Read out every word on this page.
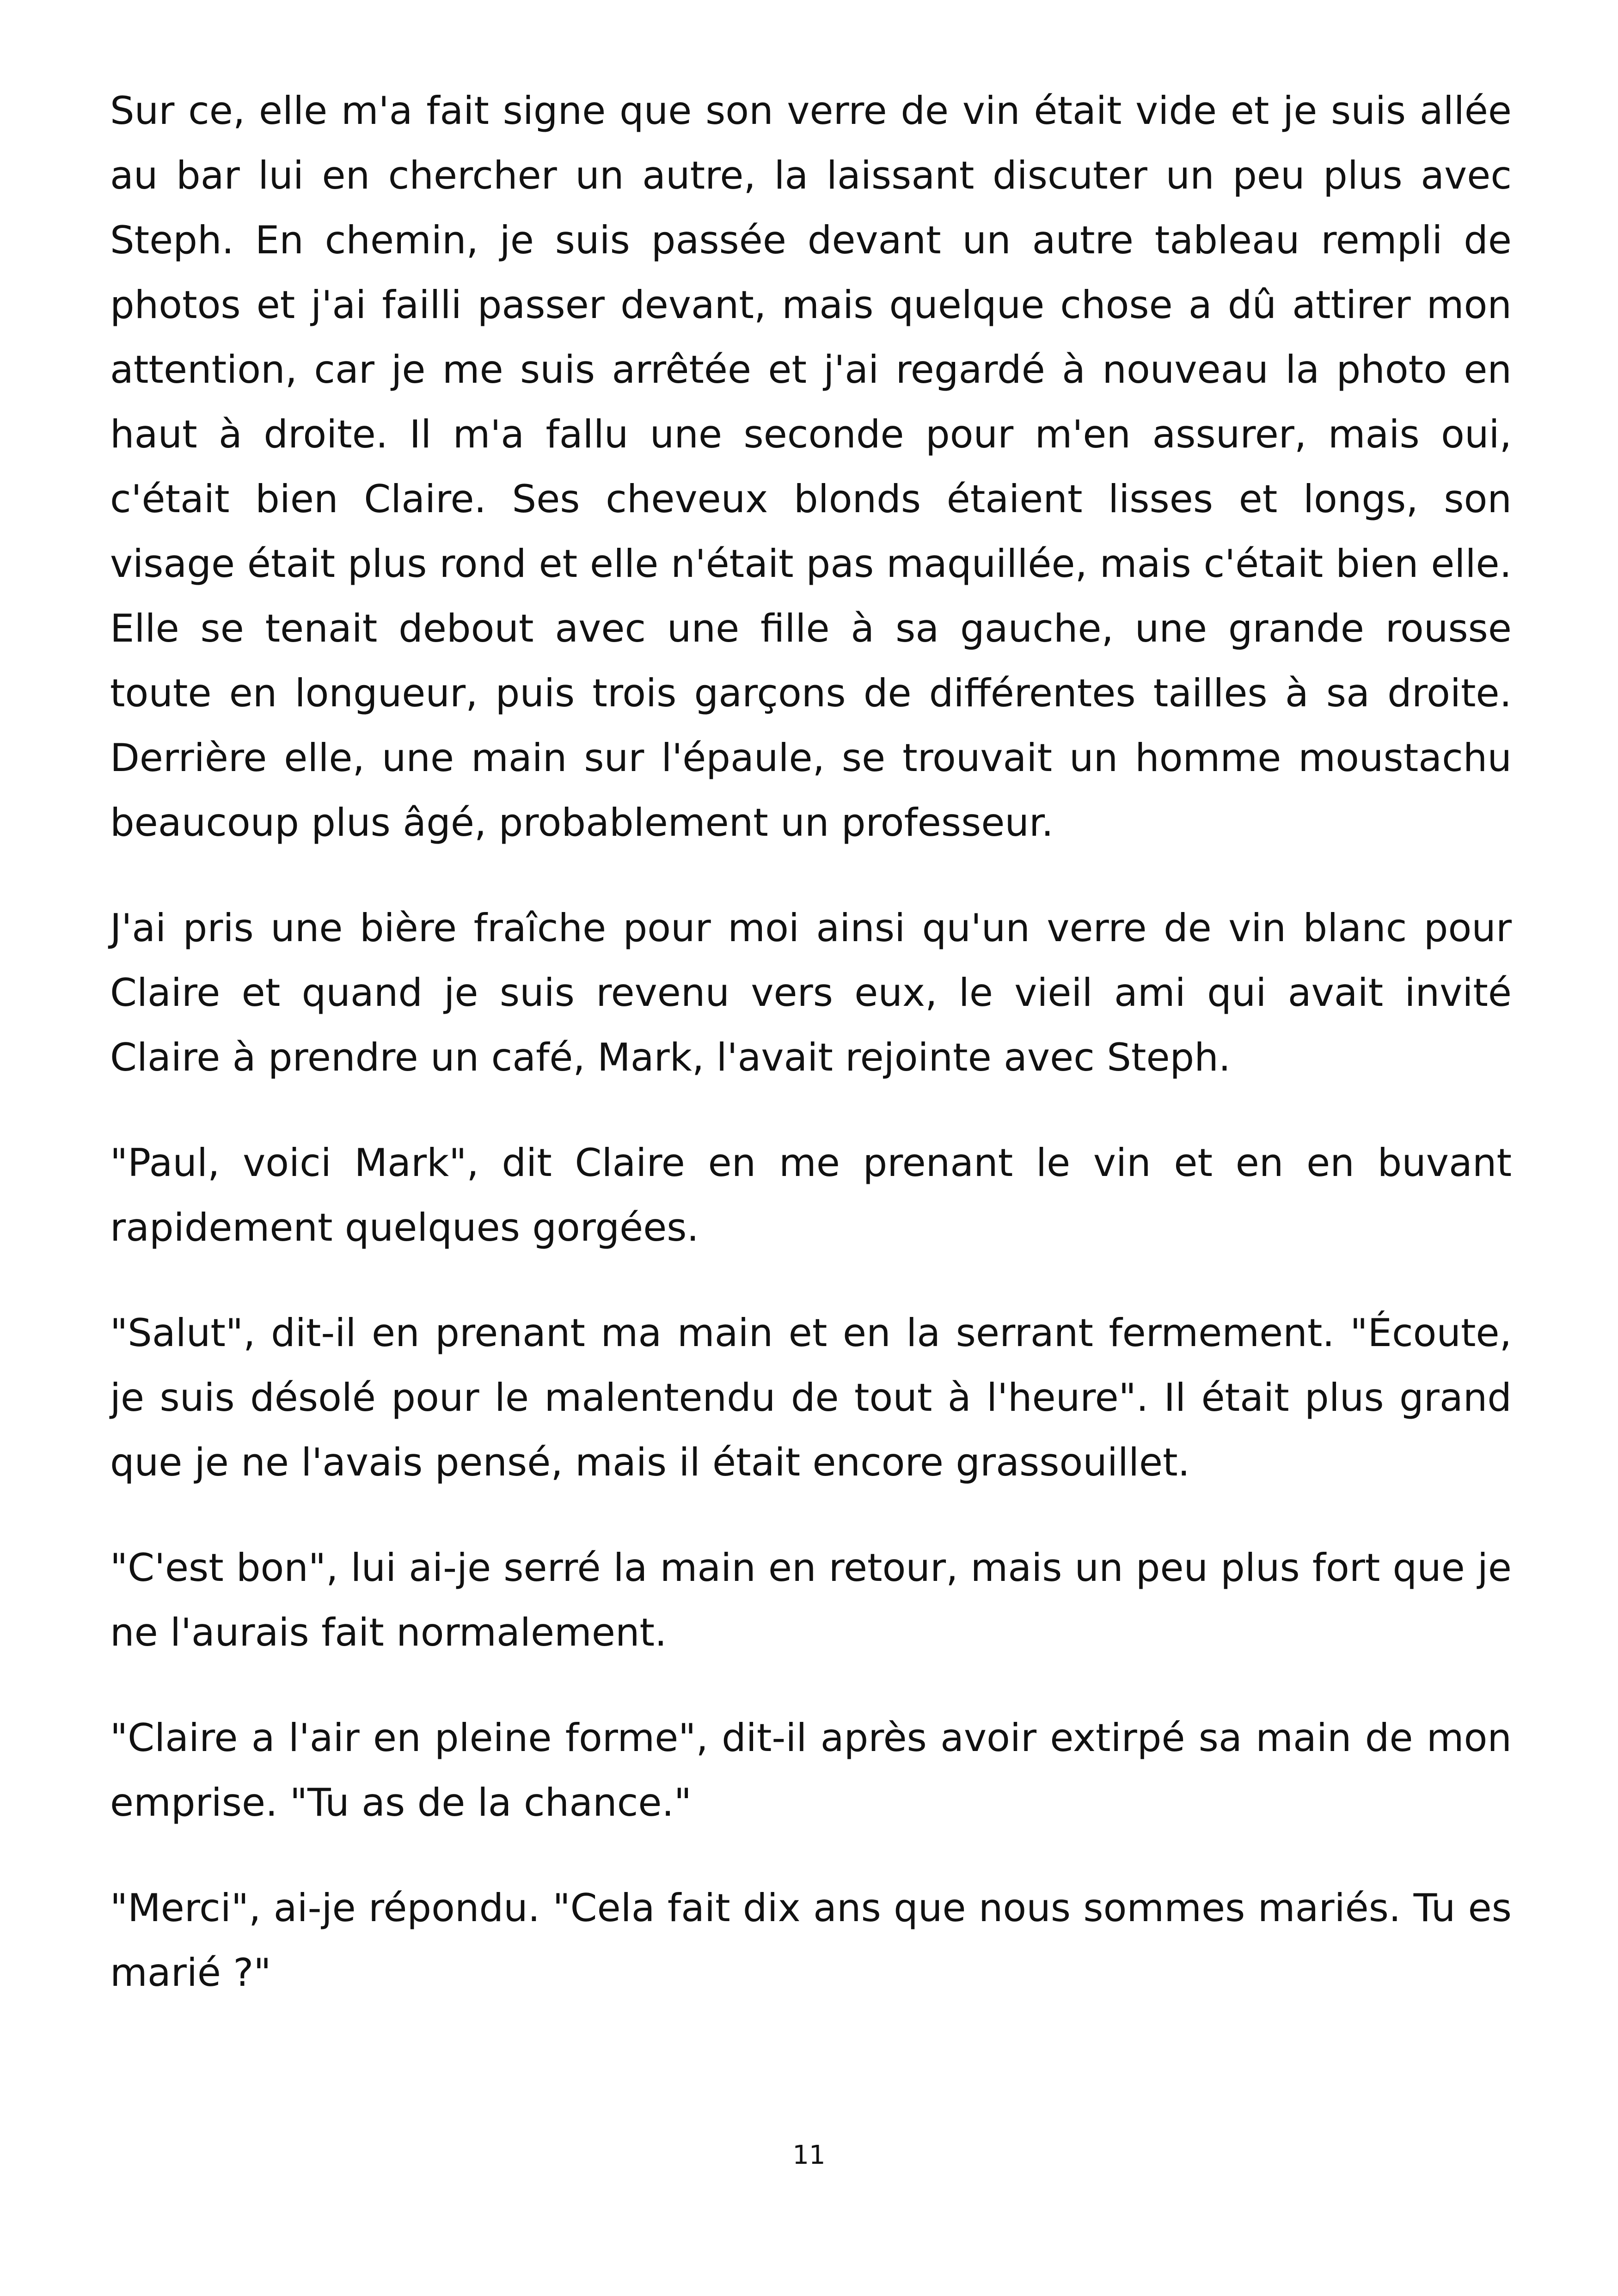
Sur ce, elle m'a fait signe que son verre de vin était vide et je suis allée au bar lui en chercher un autre, la laissant discuter un peu plus avec Steph. En chemin, je suis passée devant un autre tableau rempli de photos et j'ai failli passer devant, mais quelque chose a dû attirer mon attention, car je me suis arrêtée et j'ai regardé à nouveau la photo en haut à droite. Il m'a fallu une seconde pour m'en assurer, mais oui, c'était bien Claire. Ses cheveux blonds étaient lisses et longs, son visage était plus rond et elle n'était pas maquillée, mais c'était bien elle. Elle se tenait debout avec une fille à sa gauche, une grande rousse toute en longueur, puis trois garçons de différentes tailles à sa droite. Derrière elle, une main sur l'épaule, se trouvait un homme moustachu beaucoup plus âgé, probablement un professeur.

J'ai pris une bière fraîche pour moi ainsi qu'un verre de vin blanc pour Claire et quand je suis revenu vers eux, le vieil ami qui avait invité Claire à prendre un café, Mark, l'avait rejointe avec Steph.

"Paul, voici Mark", dit Claire en me prenant le vin et en en buvant rapidement quelques gorgées.

"Salut", dit-il en prenant ma main et en la serrant fermement. "Écoute, je suis désolé pour le malentendu de tout à l'heure". Il était plus grand que je ne l'avais pensé, mais il était encore grassouillet.

"C'est bon", lui ai-je serré la main en retour, mais un peu plus fort que je ne l'aurais fait normalement.

"Claire a l'air en pleine forme", dit-il après avoir extirpé sa main de mon emprise. "Tu as de la chance."

"Merci", ai-je répondu. "Cela fait dix ans que nous sommes mariés. Tu es marié ?"

11
